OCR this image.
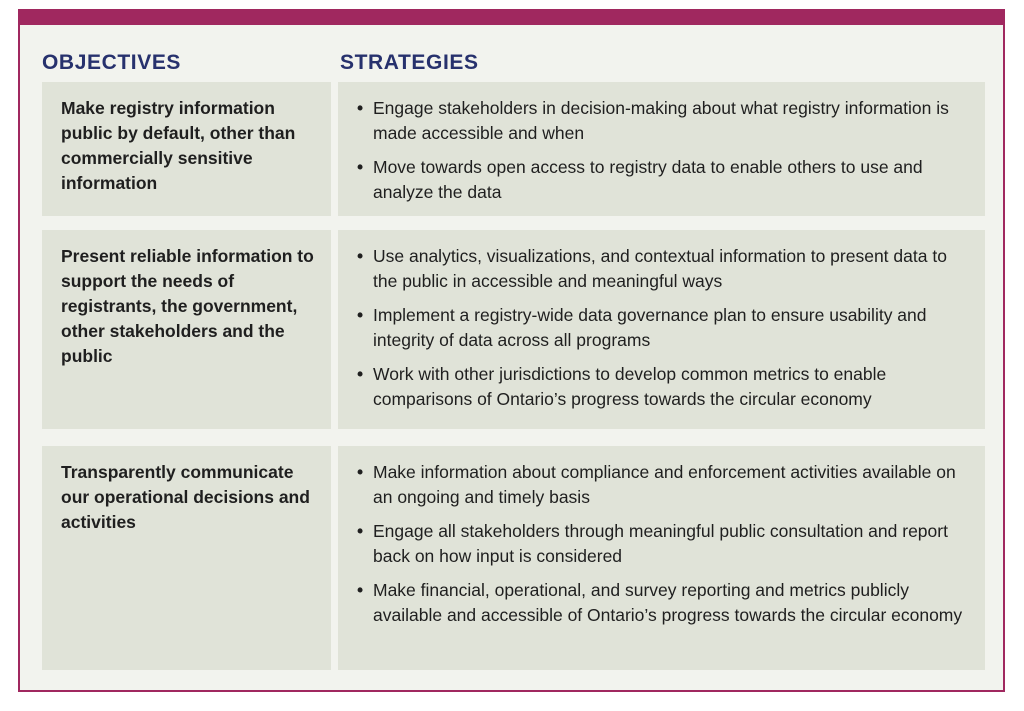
OBJECTIVES	STRATEGIES
Make registry information public by default, other than commercially sensitive information
• Engage stakeholders in decision-making about what registry information is made accessible and when
• Move towards open access to registry data to enable others to use and analyze the data
Present reliable information to support the needs of registrants, the government, other stakeholders and the public
• Use analytics, visualizations, and contextual information to present data to the public in accessible and meaningful ways
• Implement a registry-wide data governance plan to ensure usability and integrity of data across all programs
• Work with other jurisdictions to develop common metrics to enable comparisons of Ontario’s progress towards the circular economy
Transparently communicate our operational decisions and activities
• Make information about compliance and enforcement activities available on an ongoing and timely basis
• Engage all stakeholders through meaningful public consultation and report back on how input is considered
• Make financial, operational, and survey reporting and metrics publicly available and accessible of Ontario’s progress towards the circular economy
